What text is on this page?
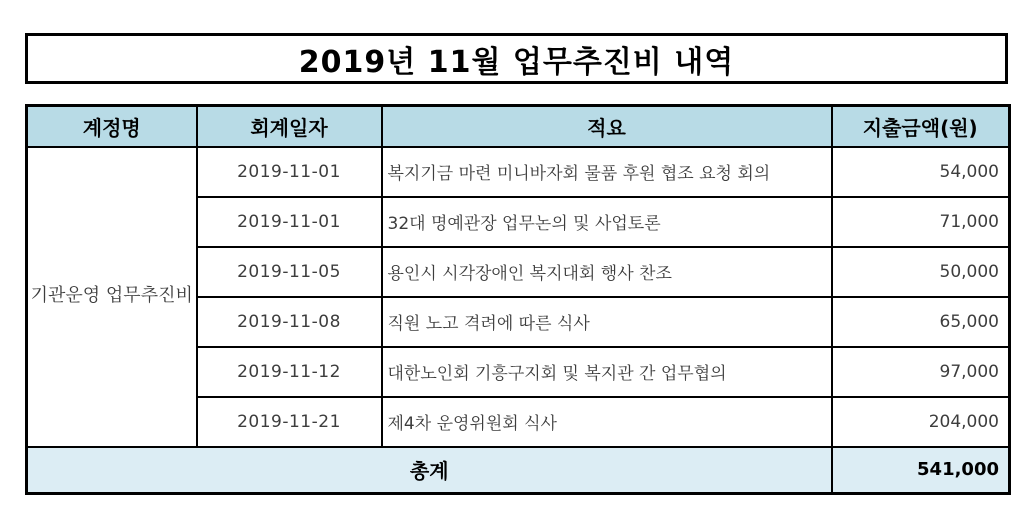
2019년 11월 업무추진비 내역
계정명	회계일자	적요	지출금액(원)
기관운영 업무추진비	2019-11-01	복지기금 마련 미니바자회 물품 후원 협조 요청 회의	54,000
	2019-11-01	32대 명예관장 업무논의 및 사업토론	71,000
	2019-11-05	용인시 시각장애인 복지대회 행사 찬조	50,000
	2019-11-08	직원 노고 격려에 따른 식사	65,000
	2019-11-12	대한노인회 기흥구지회 및 복지관 간 업무협의	97,000
	2019-11-21	제4차 운영위원회 식사	204,000
총계			541,000
